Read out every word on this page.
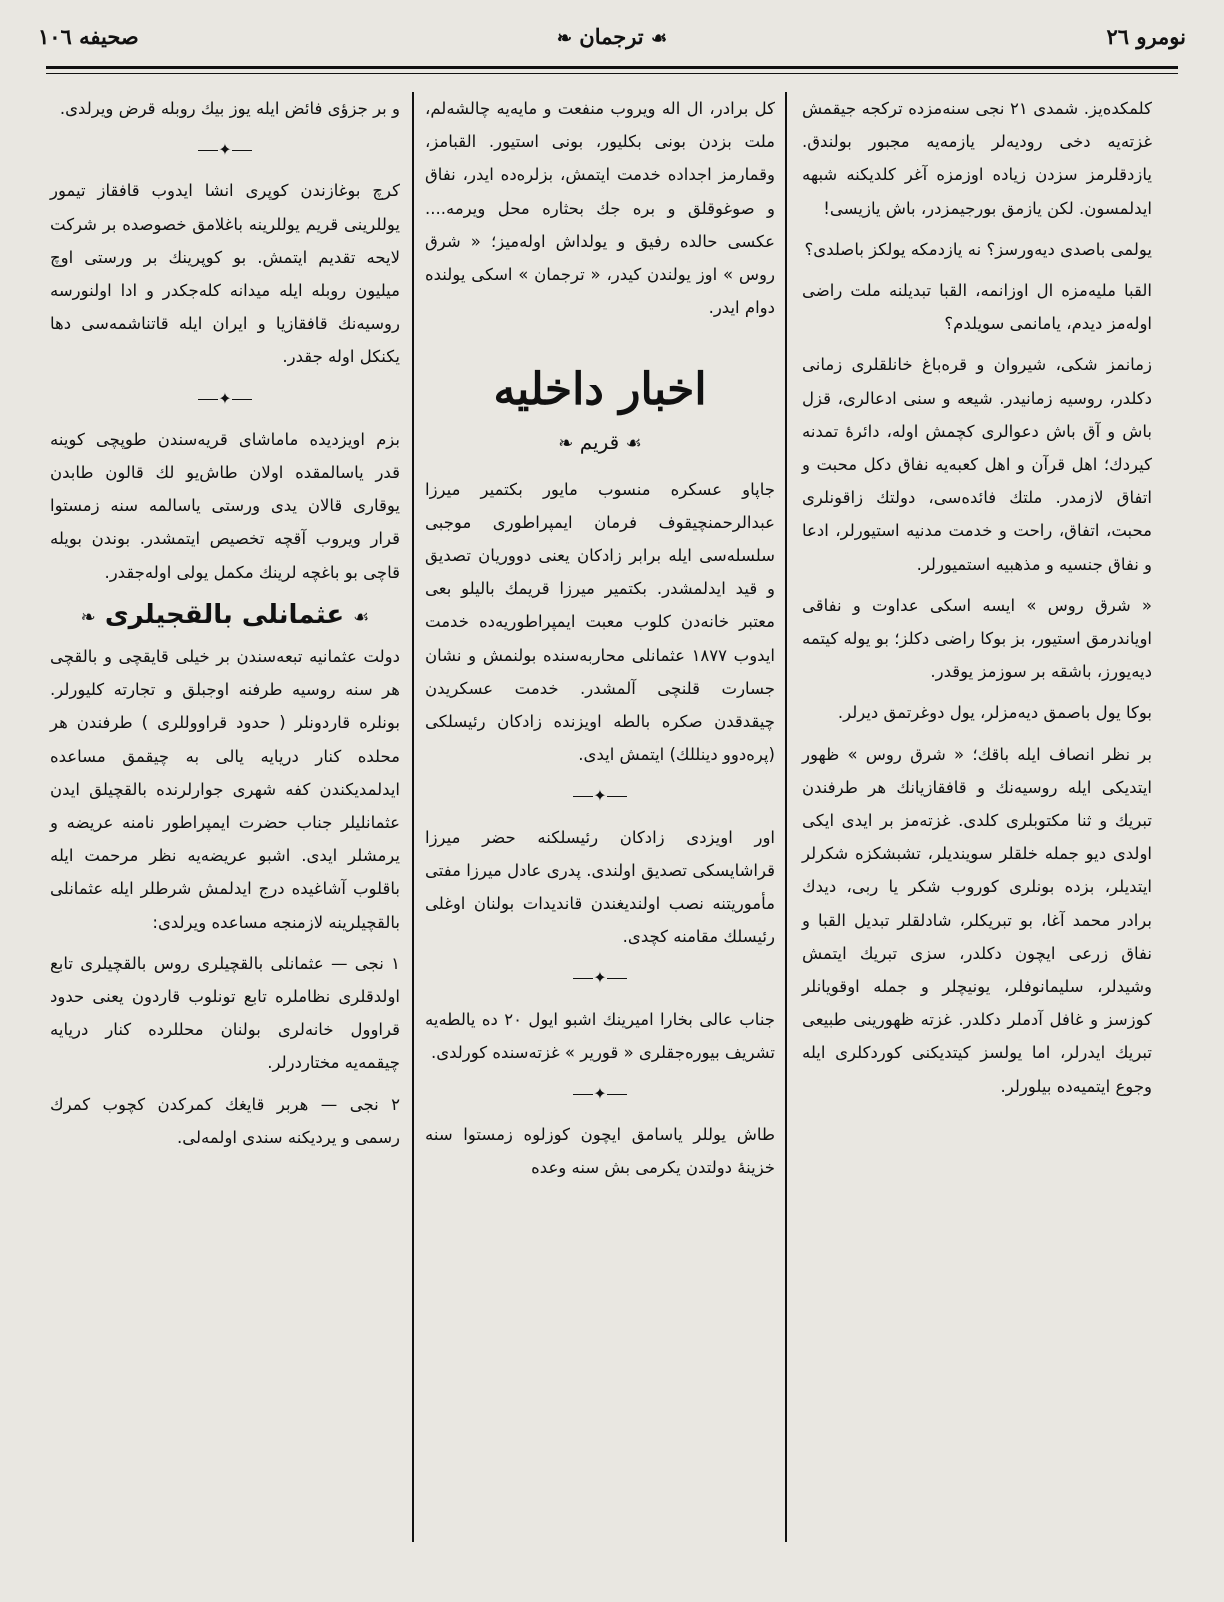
نومرو ٢٦
☙ ترجمان ❧
صحيفه ١٠٦

كلمكده‌يز. شمدى ٢١ نجى سنه‌مزده تركجه جيقمش غزته‌يه دخى روديه‌لر يازمه‌يه مجبور بولندق. يازدقلرمز سزدن زياده اوزمزه آغر كلديكنه شبهه ايدلمسون. لكن يازمق بورجيمزدر، باش يازيسى!

يولمى باصدى ديه‌ورسز؟ نه يازدمكه يولكز باصلدى؟

القبا مليه‌مزه ال اوزانمه، القبا تبديلنه ملت راضى اوله‌مز ديدم، يامانمى سويلدم؟

زمانمز شكى، شيروان و قره‌باغ خانلقلرى زمانى دكلدر، روسيه زمانيدر. شيعه و سنى ادعالرى، قزل باش و آق باش دعوالرى كچمش اوله، دائرهٔ تمدنه كيردك؛ اهل قرآن و اهل كعبه‌يه نفاق دكل محبت و اتفاق لازمدر. ملتك فائده‌سى، دولتك زاقونلرى محبت، اتفاق، راحت و خدمت مدنيه استيورلر، ادعا و نفاق جنسيه و مذهبيه استميورلر.

« شرق روس » ايسه اسكى عداوت و نفاقى اوياندرمق استيور، بز بوكا راضى دكلز؛ بو يوله كيتمه ديه‌يورز، باشقه بر سوزمز يوقدر.

بوكا يول باصمق ديه‌مزلر، يول دوغرتمق ديرلر.

بر نظر انصاف ايله باقك؛ « شرق روس » ظهور ايتديكى ايله روسيه‌نك و قافقازيانك هر طرفندن تبريك و ثنا مكتوبلرى كلدى. غزته‌مز بر ايدى ايكى اولدى ديو جمله خلقلر سوينديلر، تشبشكزه شكرلر ايتديلر، بزده بونلرى كوروب شكر يا ربى، ديدك برادر محمد آغا، بو تبريكلر، شادلقلر تبديل القبا و نفاق زرعى ايچون دكلدر، سزى تبريك ايتمش وشيدلر، سليمانوفلر، يونيچلر و جمله اوقويانلر كوزسز و غافل آدملر دكلدر. غزته ظهورينى طبيعى تبريك ايدرلر، اما يولسز كيتديكنى كوردكلرى ايله وجوع ايتميه‌ده بيلورلر.

كل برادر، ال اله ويروب منفعت و مايه‌يه چالشه‌لم، ملت بزدن بونى بكليور، بونى استيور. القبامز، وقمارمز اجداده خدمت ايتمش، بزلره‌ده ايدر، نفاق و صوغوقلق و بره جك بحثاره محل ويرمه.... عكسى حالده رفيق و يولداش اوله‌ميز؛ « شرق روس » اوز يولندن كيدر، « ترجمان » اسكى يولنده دوام ايدر.

اخبار داخليه
☙ قريم ❧

جاپاو عسكره منسوب مايور بكتمير ميرزا عبدالرحمنچيقوف فرمان ايمپراطورى موجبى سلسله‌سى ايله برابر زادكان يعنى دووريان تصديق و قيد ايدلمشدر. بكتمير ميرزا قريمك باليلو بعى معتبر خانه‌دن كلوب معبت ايمپراطوريه‌ده خدمت ايدوب ١٨٧٧ عثمانلى محاربه‌سنده بولنمش و نشان جسارت قلنچى آلمشدر. خدمت عسكريدن چيقدقدن صكره بالطه اويزنده زادكان رئيسلكى (پره‌دوو دينللك) ايتمش ايدى.

✦

اور اويزدى زادكان رئيسلكنه حضر ميرزا قراشايسكى تصديق اولندى. پدرى عادل ميرزا مفتى مأموريتنه نصب اولنديغندن قانديدات بولنان اوغلى رئيسلك مقامنه كچدى.

✦

جناب عالى بخارا اميرينك اشبو ايول ٢٠ ده يالطه‌يه تشريف بيوره‌جقلرى « قورير » غزته‌سنده كورلدى.

✦

طاش يوللر ياسامق ايچون كوزلوه زمستوا سنه خزينهٔ دولتدن يكرمى بش سنه وعده

و بر جزؤى فائض ايله يوز بيك روبله قرض ويرلدى.

✦

كرچ بوغازندن كوپرى انشا ايدوب قافقاز تيمور يوللرينى قريم يوللرينه باغلامق خصوصده بر شركت لايحه تقديم ايتمش. بو كوپرينك بر ورستى اوچ ميليون روبله ايله ميدانه كله‌جكدر و ادا اولنورسه روسيه‌نك قافقازيا و ايران ايله قاتناشمه‌سى دها يكنكل اوله جقدر.

✦

بزم اويزديده ماماشاى قريه‌سندن طوپچى كوينه قدر ياسالمقده اولان طاش‌يو لك قالون طابدن يوقارى قالان يدى ورستى ياسالمه سنه زمستوا قرار ويروب آقچه تخصيص ايتمشدر. بوندن بويله قاچى بو باغچه لرينك مكمل يولى اوله‌جقدر.

☙ عثمانلى بالقجيلرى ❧

دولت عثمانيه تبعه‌سندن بر خيلى قايقچى و بالقچى هر سنه روسيه طرفنه اوجبلق و تجارته كليورلر. بونلره قاردونلر ( حدود قراووللرى ) طرفندن هر محلده كنار دريايه يالى به چيقمق مساعده ايدلمديكندن كفه شهرى جوارلرنده بالقچيلق ايدن عثمانليلر جناب حضرت ايمپراطور نامنه عريضه و يرمشلر ايدى. اشبو عريضه‌يه نظر مرحمت ايله باقلوب آشاغيده درج ايدلمش شرطلر ايله عثمانلى بالقچيلرينه لازمنجه مساعده ويرلدى:

١ نجى — عثمانلى بالقچيلرى روس بالقچيلرى تابع اولدقلرى نظاملره تابع تونلوب قاردون يعنى حدود قراوول خانه‌لرى بولنان محللرده كنار دريايه چيقمه‌يه مختاردرلر.

٢ نجى — هربر قايغك كمركدن كچوب كمرك رسمى و يرديكنه سندى اولمه‌لى.
